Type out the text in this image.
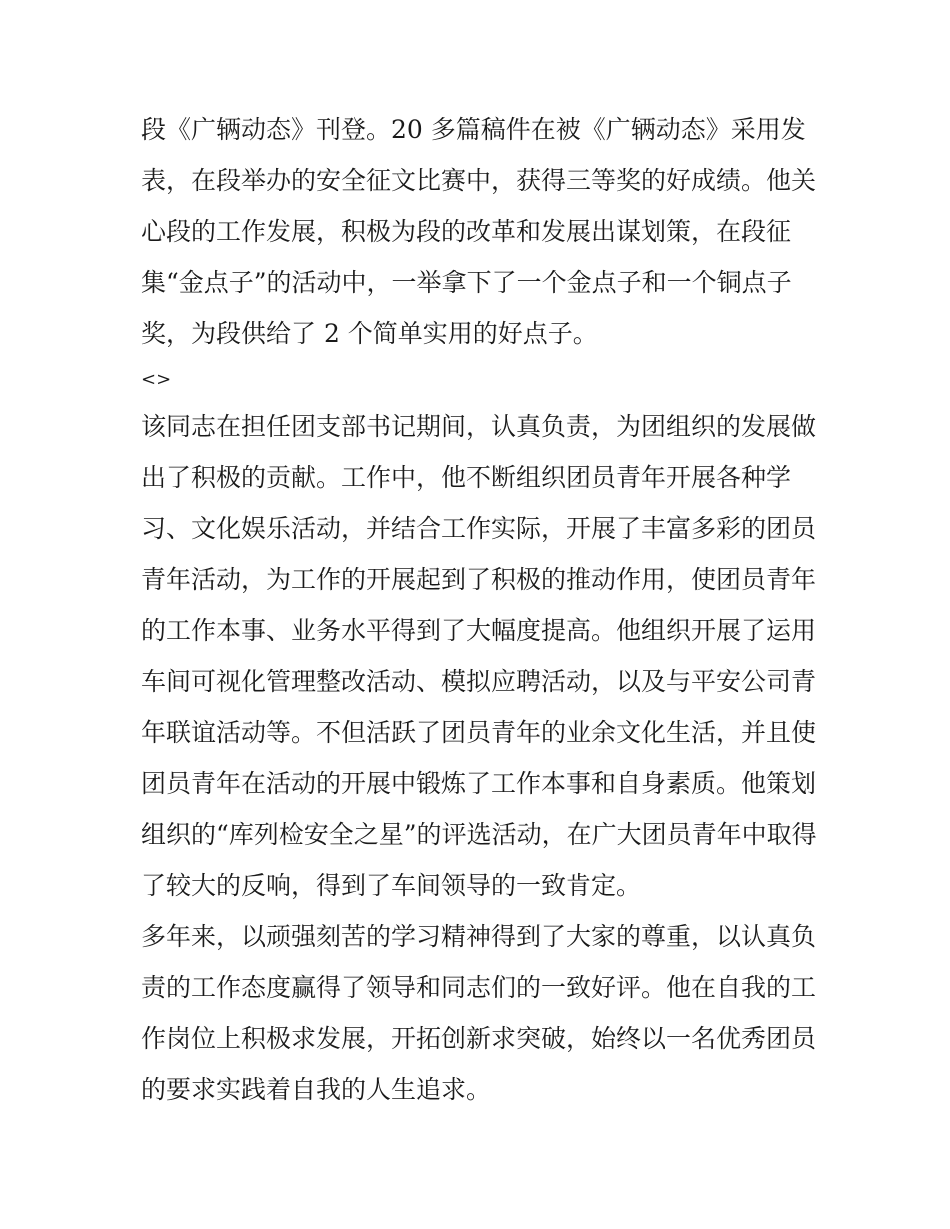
段《广辆动态》刊登。20 多篇稿件在被《广辆动态》采用发
表，在段举办的安全征文比赛中，获得三等奖的好成绩。他关
心段的工作发展，积极为段的改革和发展出谋划策，在段征
集“金点子”的活动中，一举拿下了一个金点子和一个铜点子
奖，为段供给了 2 个简单实用的好点子。
<>
该同志在担任团支部书记期间，认真负责，为团组织的发展做
出了积极的贡献。工作中，他不断组织团员青年开展各种学
习、文化娱乐活动，并结合工作实际，开展了丰富多彩的团员
青年活动，为工作的开展起到了积极的推动作用，使团员青年
的工作本事、业务水平得到了大幅度提高。他组织开展了运用
车间可视化管理整改活动、模拟应聘活动，以及与平安公司青
年联谊活动等。不但活跃了团员青年的业余文化生活，并且使
团员青年在活动的开展中锻炼了工作本事和自身素质。他策划
组织的“库列检安全之星”的评选活动，在广大团员青年中取得
了较大的反响，得到了车间领导的一致肯定。
多年来，以顽强刻苦的学习精神得到了大家的尊重，以认真负
责的工作态度赢得了领导和同志们的一致好评。他在自我的工
作岗位上积极求发展，开拓创新求突破，始终以一名优秀团员
的要求实践着自我的人生追求。
